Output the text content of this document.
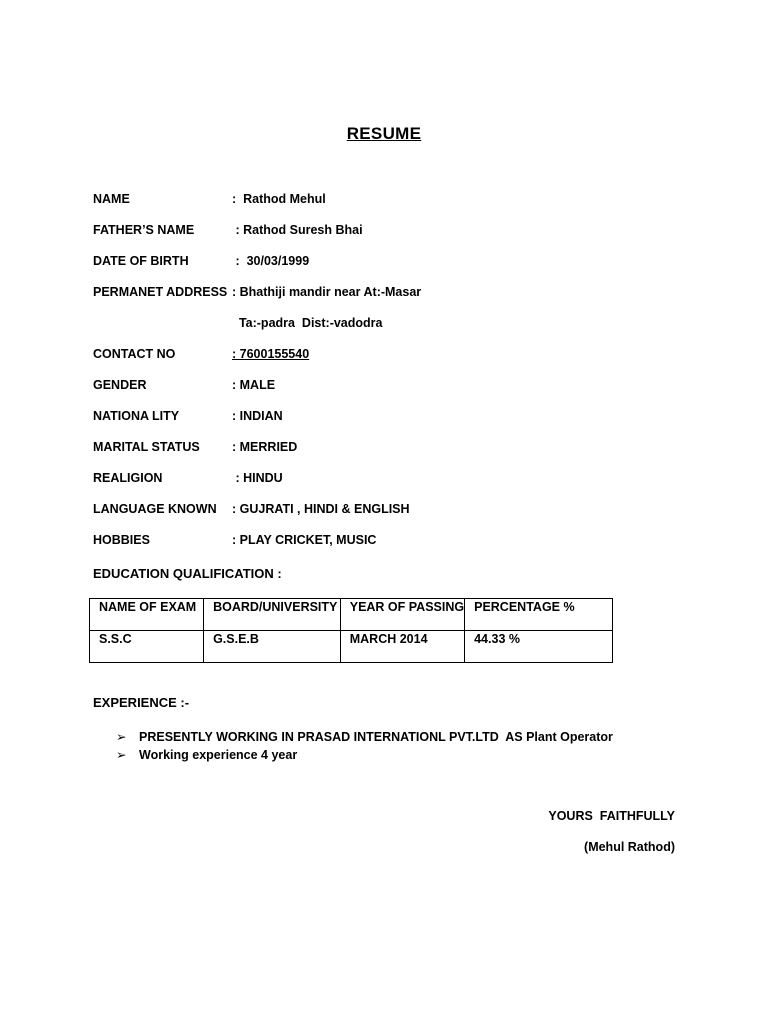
RESUME
NAME	:  Rathod Mehul
FATHER’S NAME	: Rathod Suresh Bhai
DATE OF BIRTH	:  30/03/1999
PERMANET ADDRESS : Bhathiji mandir near At:-Masar
Ta:-padra  Dist:-vadodra
CONTACT NO	: 7600155540
GENDER	: MALE
NATIONA LITY	: INDIAN
MARITAL STATUS	: MERRIED
REALIGION	: HINDU
LANGUAGE KNOWN : GUJRATI , HINDI & ENGLISH
HOBBIES	: PLAY CRICKET, MUSIC
EDUCATION QUALIFICATION :
NAME OF EXAM	BOARD/UNIVERSITY	YEAR OF PASSING	PERCENTAGE %
S.S.C	G.S.E.B	MARCH 2014	44.33 %
EXPERIENCE :-
➢ PRESENTLY WORKING IN PRASAD INTERNATIONL PVT.LTD  AS Plant Operator
➢ Working experience 4 year
YOURS  FAITHFULLY
(Mehul Rathod)
